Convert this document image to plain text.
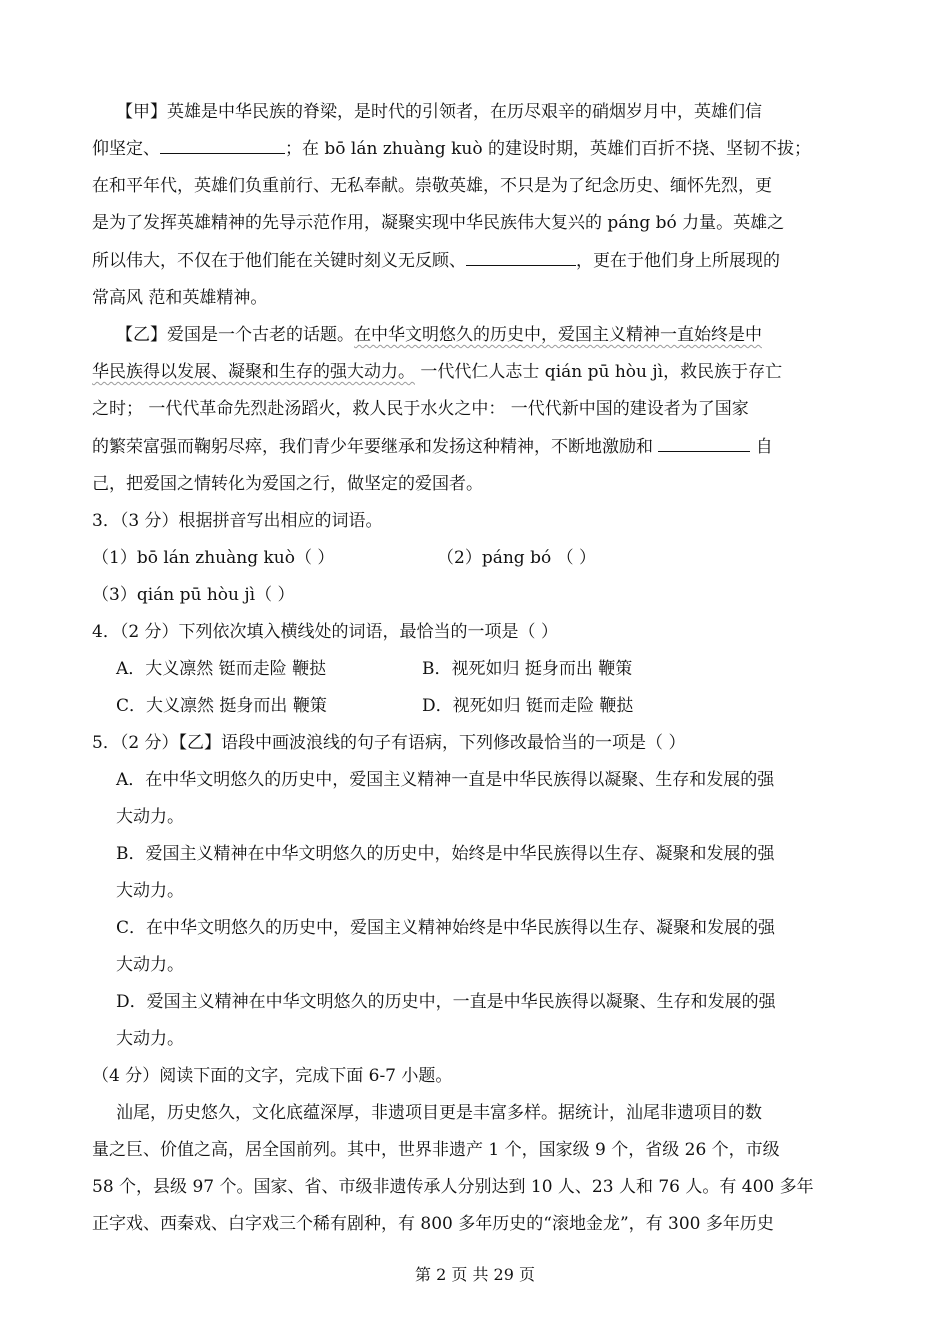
【甲】英雄是中华民族的脊梁，是时代的引领者，在历尽艰辛的硝烟岁月中，英雄们信
仰坚定、	；在 bō lán zhuàng kuò 的建设时期，英雄们百折不挠、坚韧不拔；
在和平年代，英雄们负重前行、无私奉献。崇敬英雄，不只是为了纪念历史、缅怀先烈，更
是为了发挥英雄精神的先导示范作用，凝聚实现中华民族伟大复兴的 páng bó 力量。英雄之
所以伟大，不仅在于他们能在关键时刻义无反顾、	，更在于他们身上所展现的
常高风 范和英雄精神。
【乙】爱国是一个古老的话题。在中华文明悠久的历史中，爱国主义精神一直始终是中
华民族得以发展、凝聚和生存的强大动力。 一代代仁人志士 qián pū hòu jì，救民族于存亡
之时； 一代代革命先烈赴汤蹈火，救人民于水火之中： 一代代新中国的建设者为了国家
的繁荣富强而鞠躬尽瘁，我们青少年要继承和发扬这种精神，不断地激励和	自
己，把爱国之情转化为爱国之行，做坚定的爱国者。
3．（3 分）根据拼音写出相应的词语。
（1）bō lán zhuàng kuò（ ）	（2）páng bó （ ）
（3）qián pū hòu jì（ ）
4．（2 分）下列依次填入横线处的词语，最恰当的一项是（ ）
A．大义凛然 铤而走险 鞭挞	B．视死如归 挺身而出 鞭策
C．大义凛然 挺身而出 鞭策	D．视死如归 铤而走险 鞭挞
5．（2 分）【乙】语段中画波浪线的句子有语病，下列修改最恰当的一项是（ ）
A．在中华文明悠久的历史中，爱国主义精神一直是中华民族得以凝聚、生存和发展的强
大动力。
B．爱国主义精神在中华文明悠久的历史中，始终是中华民族得以生存、凝聚和发展的强
大动力。
C．在中华文明悠久的历史中，爱国主义精神始终是中华民族得以生存、凝聚和发展的强
大动力。
D．爱国主义精神在中华文明悠久的历史中，一直是中华民族得以凝聚、生存和发展的强
大动力。
（4 分）阅读下面的文字，完成下面 6-7 小题。
汕尾，历史悠久，文化底蕴深厚，非遗项目更是丰富多样。据统计，汕尾非遗项目的数
量之巨、价值之高，居全国前列。其中，世界非遗产 1 个，国家级 9 个，省级 26 个，市级
58 个，县级 97 个。国家、省、市级非遗传承人分别达到 10 人、23 人和 76 人。有 400 多年
正字戏、西秦戏、白字戏三个稀有剧种，有 800 多年历史的“滚地金龙”，有 300 多年历史
第 2 页 共 29 页
